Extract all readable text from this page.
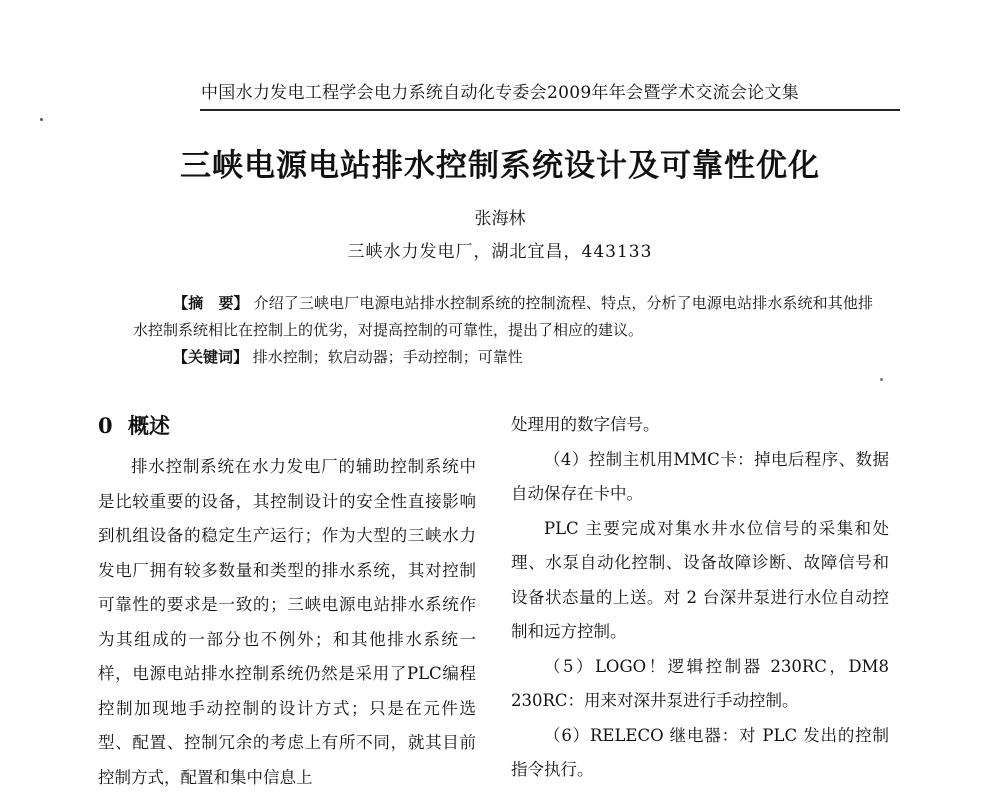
中国水力发电工程学会电力系统自动化专委会2009年年会暨学术交流会论文集
三峡电源电站排水控制系统设计及可靠性优化
张海林
三峡水力发电厂，湖北宜昌，443133
【摘　要】 介绍了三峡电厂电源电站排水控制系统的控制流程、特点，分析了电源电站排水系统和其他排水控制系统相比在控制上的优劣，对提高控制的可靠性，提出了相应的建议。
【关键词】 排水控制；软启动器；手动控制；可靠性
0 概述

排水控制系统在水力发电厂的辅助控制系统中是比较重要的设备，其控制设计的安全性直接影响到机组设备的稳定生产运行；作为大型的三峡水力发电厂拥有较多数量和类型的排水系统，其对控制可靠性的要求是一致的；三峡电源电站排水系统作为其组成的一部分也不例外；和其他排水系统一样，电源电站排水控制系统仍然是采用了PLC编程控制加现地手动控制的设计方式；只是在元件选型、配置、控制冗余的考虑上有所不同，就其目前控制方式，配置和集中信息上

处理用的数字信号。

（4）控制主机用MMC卡：掉电后程序、数据自动保存在卡中。

PLC 主要完成对集水井水位信号的采集和处理、水泵自动化控制、设备故障诊断、故障信号和设备状态量的上送。对 2 台深井泵进行水位自动控制和远方控制。

（5）LOGO！逻辑控制器 230RC，DM8 230RC：用来对深井泵进行手动控制。

（6）RELECO 继电器：对 PLC 发出的控制指令执行。
